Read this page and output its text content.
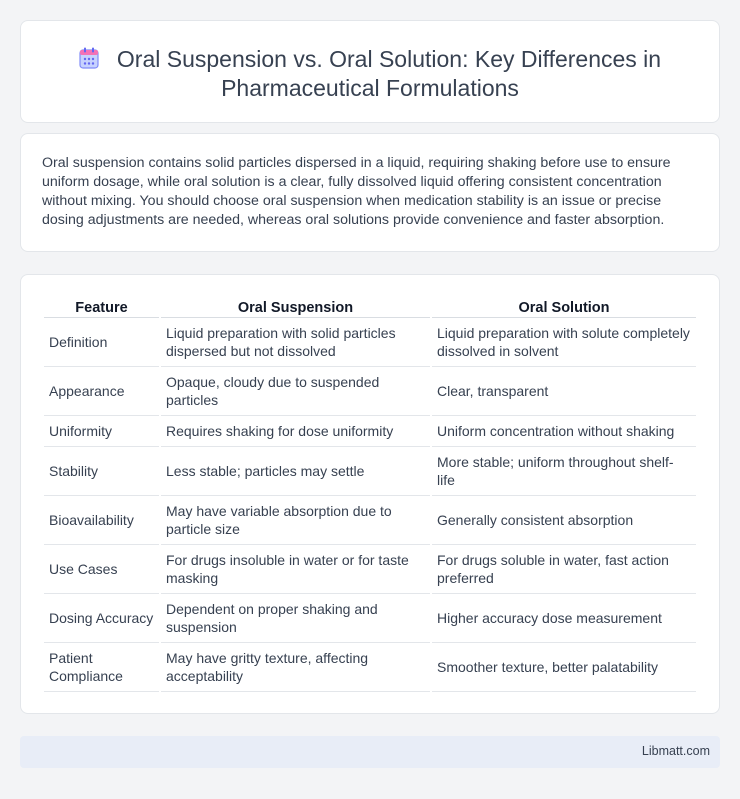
Oral Suspension vs. Oral Solution: Key Differences in Pharmaceutical Formulations

Oral suspension contains solid particles dispersed in a liquid, requiring shaking before use to ensure uniform dosage, while oral solution is a clear, fully dissolved liquid offering consistent concentration without mixing. You should choose oral suspension when medication stability is an issue or precise dosing adjustments are needed, whereas oral solutions provide convenience and faster absorption.

Feature	Oral Suspension	Oral Solution
Definition	Liquid preparation with solid particles dispersed but not dissolved	Liquid preparation with solute completely dissolved in solvent
Appearance	Opaque, cloudy due to suspended particles	Clear, transparent
Uniformity	Requires shaking for dose uniformity	Uniform concentration without shaking
Stability	Less stable; particles may settle	More stable; uniform throughout shelf-life
Bioavailability	May have variable absorption due to particle size	Generally consistent absorption
Use Cases	For drugs insoluble in water or for taste masking	For drugs soluble in water, fast action preferred
Dosing Accuracy	Dependent on proper shaking and suspension	Higher accuracy dose measurement
Patient Compliance	May have gritty texture, affecting acceptability	Smoother texture, better palatability
Libmatt.com
